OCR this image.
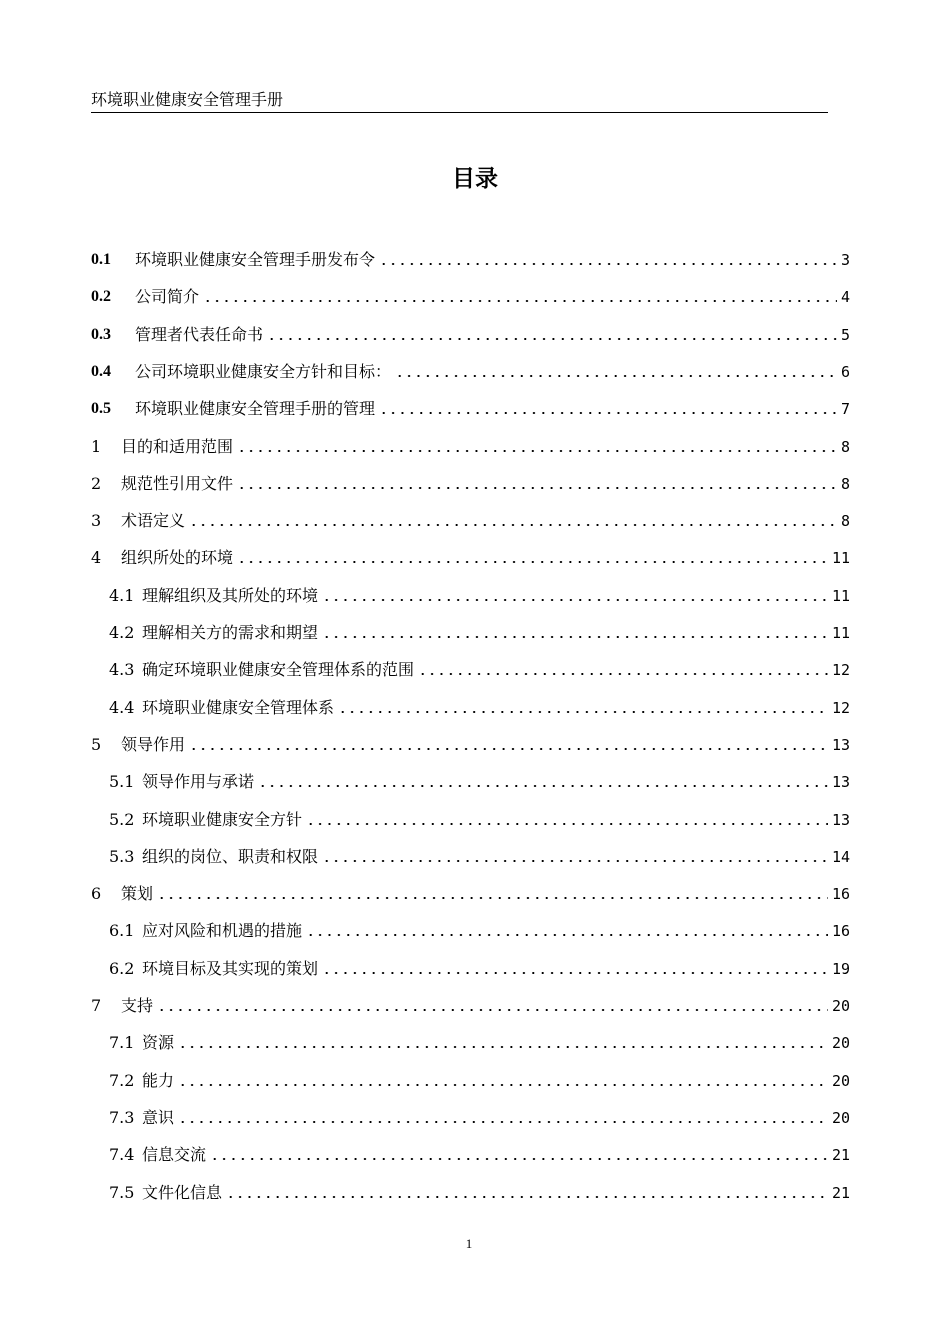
环境职业健康安全管理手册
目录
0.1	环境职业健康安全管理手册发布令	3
0.2	公司简介	4
0.3	管理者代表任命书	5
0.4	公司环境职业健康安全方针和目标：	6
0.5	环境职业健康安全管理手册的管理	7
1	目的和适用范围	8
2	规范性引用文件	8
3	术语定义	8
4	组织所处的环境	11
4.1 理解组织及其所处的环境	11
4.2 理解相关方的需求和期望	11
4.3 确定环境职业健康安全管理体系的范围	12
4.4 环境职业健康安全管理体系	12
5	领导作用	13
5.1 领导作用与承诺	13
5.2 环境职业健康安全方针	13
5.3 组织的岗位、职责和权限	14
6	策划	16
6.1 应对风险和机遇的措施	16
6.2 环境目标及其实现的策划	19
7	支持	20
7.1 资源	20
7.2 能力	20
7.3 意识	20
7.4 信息交流	21
7.5 文件化信息	21
1
